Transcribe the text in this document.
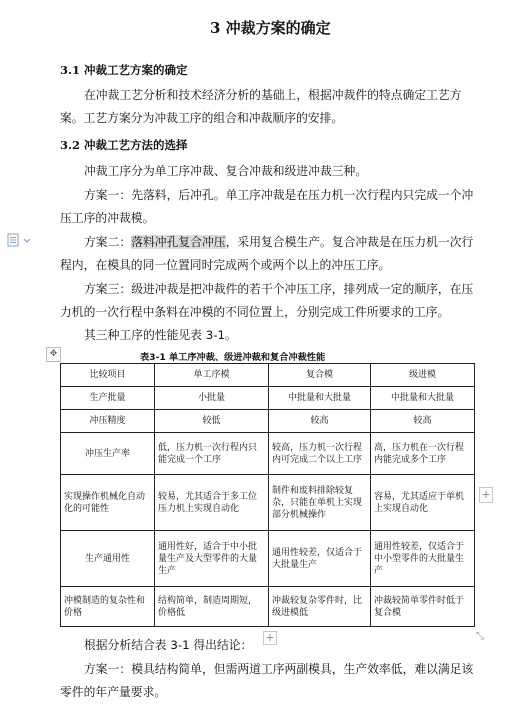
3 冲裁方案的确定
3.1 冲裁工艺方案的确定
在冲裁工艺分析和技术经济分析的基础上，根据冲裁件的特点确定工艺方
案。工艺方案分为冲裁工序的组合和冲裁顺序的安排。
3.2 冲裁工艺方法的选择
冲裁工序分为单工序冲裁、复合冲裁和级进冲裁三种。
方案一：先落料，后冲孔。单工序冲裁是在压力机一次行程内只完成一个冲
压工序的冲裁模。
方案二：落料冲孔复合冲压，采用复合模生产。复合冲裁是在压力机一次行
程内，在模具的同一位置同时完成两个或两个以上的冲压工序。
方案三：级进冲裁是把冲裁件的若干个冲压工序，排列成一定的顺序，在压
力机的一次行程中条料在冲模的不同位置上，分别完成工件所要求的工序。
其三种工序的性能见表 3-1。
✥	表3-1 单工序冲裁、级进冲裁和复合冲裁性能
比较项目	单工序模	复合模	级进模
生产批量	小批量	中批量和大批量	中批量和大批量
冲压精度	较低	较高	较高
冲压生产率	低，压力机一次行程内只能完成一个工序	较高，压力机一次行程内可完成二个以上工序	高，压力机在一次行程内能完成多个工序
实现操作机械化自动化的可能性	较易，尤其适合于多工位压力机上实现自动化	制件和废料排除较复杂，只能在单机上实现部分机械操作	容易，尤其适应于单机上实现自动化
生产通用性	通用性好，适合于中小批量生产及大型零件的大量生产	通用性较差，仅适合于大批量生产	通用性较差，仅适合于中小型零件的大批量生产
冲模制造的复杂性和价格	结构简单，制造周期短，价格低	冲裁较复杂零件时，比级进模低	冲裁较简单零件时低于复合模
+
+	⤡
根据分析结合表 3-1 得出结论：
方案一：模具结构简单，但需两道工序两副模具，生产效率低，难以满足该
零件的年产量要求。
